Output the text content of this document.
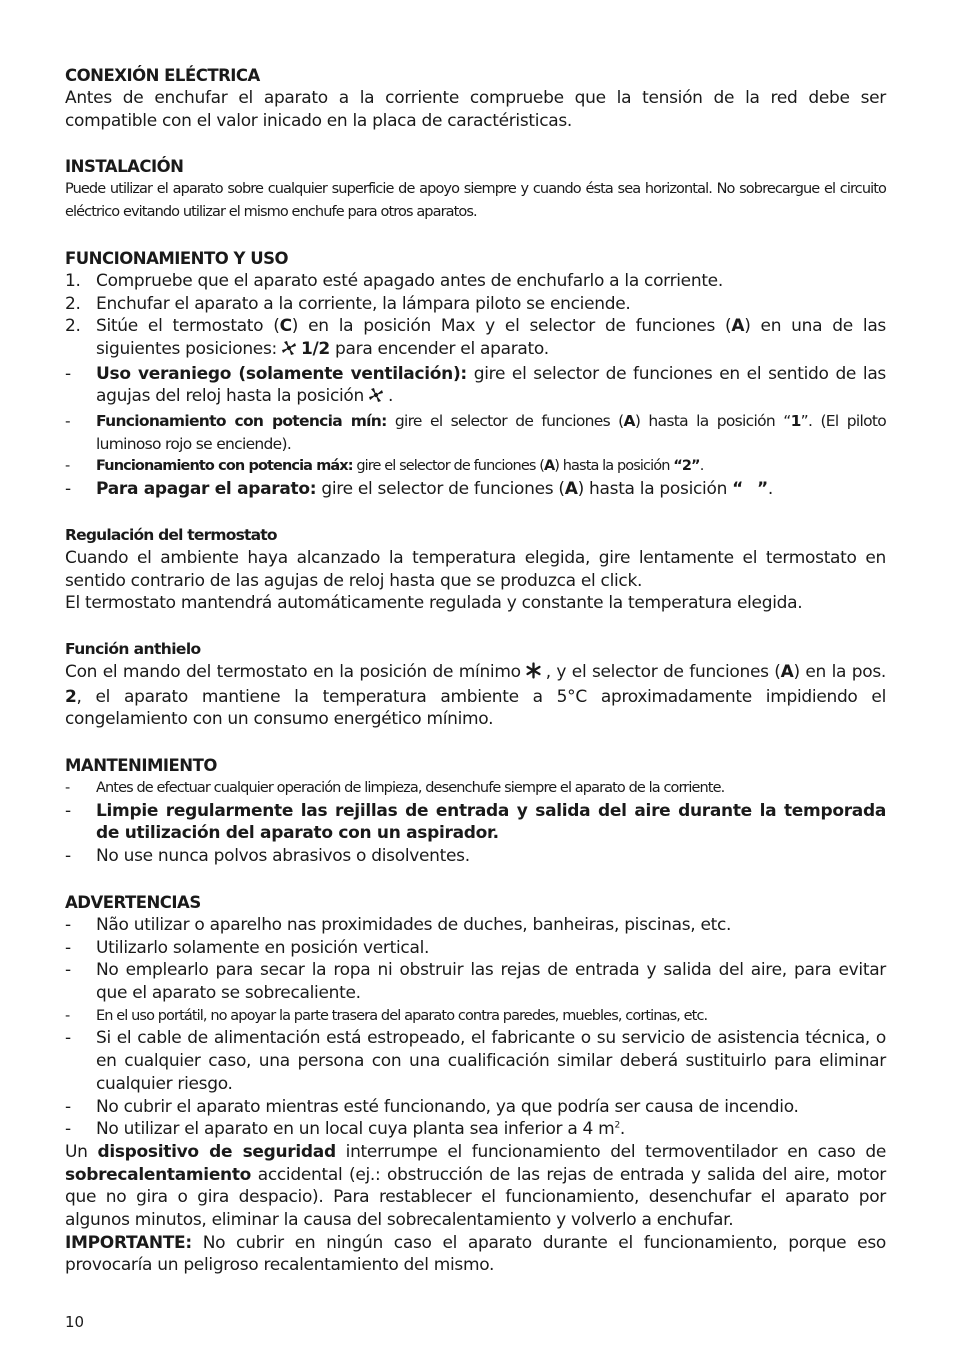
CONEXIÓN ELÉCTRICA
Antes de enchufar el aparato a la corriente compruebe que la tensión de la red debe ser compatible con el valor inicado en la placa de caractéristicas.
INSTALACIÓN
Puede utilizar el aparato sobre cualquier superficie de apoyo siempre y cuando ésta sea horizontal. No sobrecargue el circuito eléctrico evitando utilizar el mismo enchufe para otros aparatos.
FUNCIONAMIENTO Y USO
1. Compruebe que el aparato esté apagado antes de enchufarlo a la corriente.
2. Enchufar el aparato a la corriente, la lámpara piloto se enciende.
2. Sitúe el termostato (C) en la posición Max y el selector de funciones (A) en una de las siguientes posiciones: 1/2 para encender el aparato.
-	Uso veraniego (solamente ventilación): gire el selector de funciones en el sentido de las agujas del reloj hasta la posición .
-	Funcionamiento con potencia mín: gire el selector de funciones (A) hasta la posición “1”. (El piloto luminoso rojo se enciende).
-	Funcionamiento con potencia máx: gire el selector de funciones (A) hasta la posición “2”.
-	Para apagar el aparato: gire el selector de funciones (A) hasta la posición “ ”.
Regulación del termostato
Cuando el ambiente haya alcanzado la temperatura elegida, gire lentamente el termostato en sentido contrario de las agujas de reloj hasta que se produzca el click.
El termostato mantendrá automáticamente regulada y constante la temperatura elegida.
Función anthielo
Con el mando del termostato en la posición de mínimo , y el selector de funciones (A) en la pos. 2, el aparato mantiene la temperatura ambiente a 5°C aproximadamente impidiendo el congelamiento con un consumo energético mínimo.
MANTENIMIENTO
-	Antes de efectuar cualquier operación de limpieza, desenchufe siempre el aparato de la corriente.
-	Limpie regularmente las rejillas de entrada y salida del aire durante la temporada de utilización del aparato con un aspirador.
-	No use nunca polvos abrasivos o disolventes.
ADVERTENCIAS
-	Não utilizar o aparelho nas proximidades de duches, banheiras, piscinas, etc.
-	Utilizarlo solamente en posición vertical.
-	No emplearlo para secar la ropa ni obstruir las rejas de entrada y salida del aire, para evitar que el aparato se sobrecaliente.
-	En el uso portátil, no apoyar la parte trasera del aparato contra paredes, muebles, cortinas, etc.
-	Si el cable de alimentación está estropeado, el fabricante o su servicio de asistencia técnica, o en cualquier caso, una persona con una cualificación similar deberá sustituirlo para eliminar cualquier riesgo.
-	No cubrir el aparato mientras esté funcionando, ya que podría ser causa de incendio.
-	No utilizar el aparato en un local cuya planta sea inferior a 4 $m^2$.
Un dispositivo de seguridad interrumpe el funcionamiento del termoventilador en caso de sobrecalentamiento accidental (ej.: obstrucción de las rejas de entrada y salida del aire, motor que no gira o gira despacio). Para restablecer el funcionamiento, desenchufar el aparato por algunos minutos, eliminar la causa del sobrecalentamiento y volverlo a enchufar.
IMPORTANTE: No cubrir en ningún caso el aparato durante el funcionamiento, porque eso provocaría un peligroso recalentamiento del mismo.
10
